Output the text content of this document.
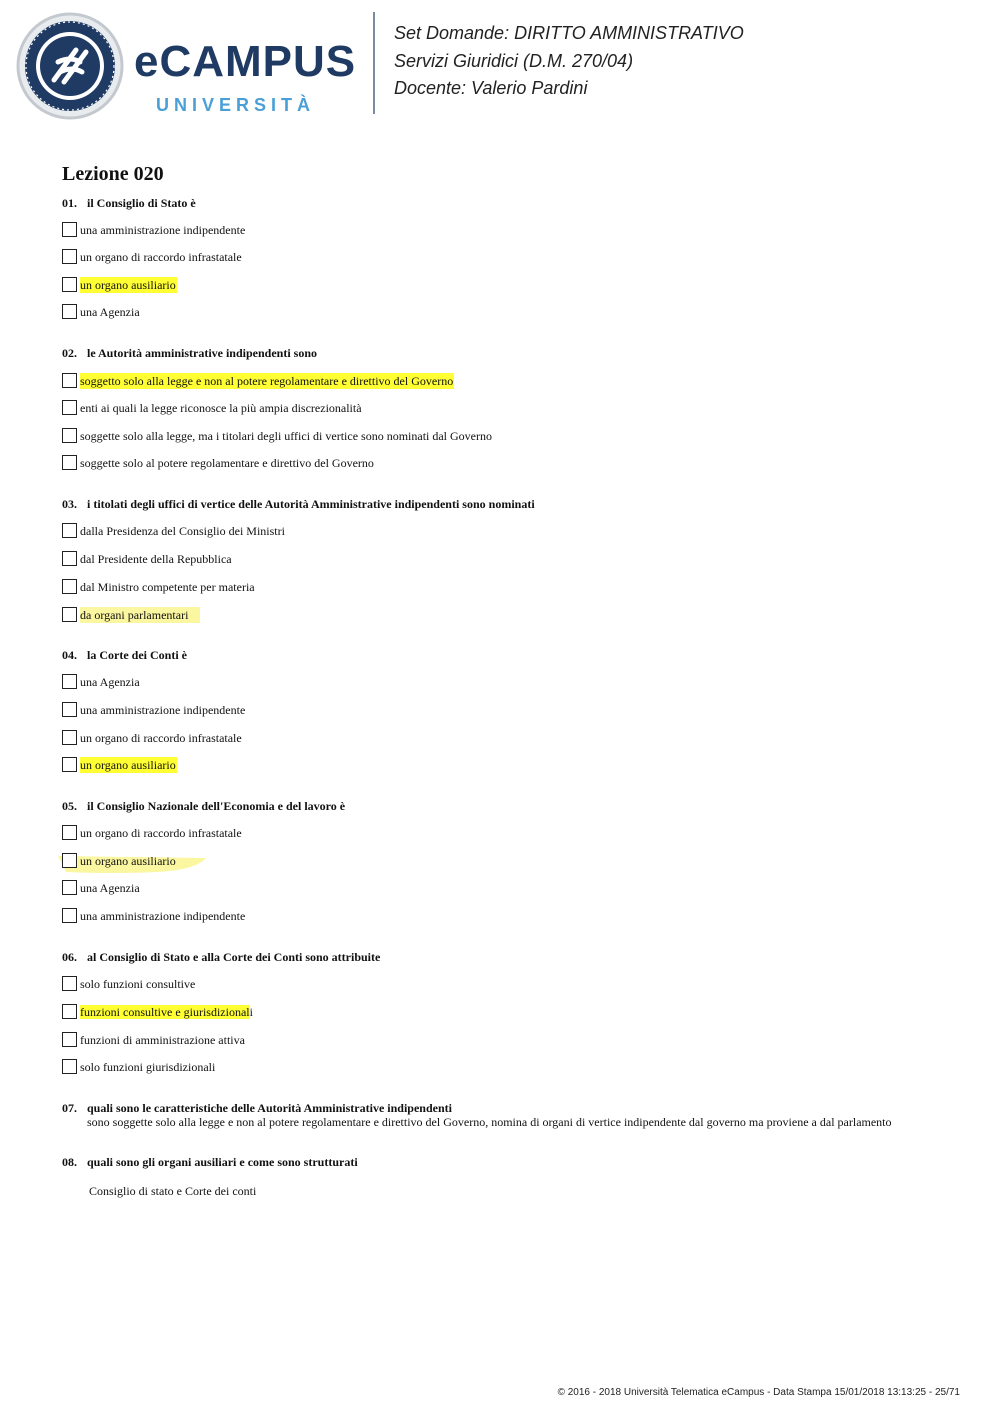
eCAMPUS
UNIVERSITÀ
Set Domande: DIRITTO AMMINISTRATIVO
Servizi Giuridici (D.M. 270/04)
Docente: Valerio Pardini
Lezione 020
01. il Consiglio di Stato è
una amministrazione indipendente
un organo di raccordo infrastatale
un organo ausiliario
una Agenzia
02. le Autorità amministrative indipendenti sono
soggetto solo alla legge e non al potere regolamentare e direttivo del Governo
enti ai quali la legge riconosce la più ampia discrezionalità
soggette solo alla legge, ma i titolari degli uffici di vertice sono nominati dal Governo
soggette solo al potere regolamentare e direttivo del Governo
03. i titolati degli uffici di vertice delle Autorità Amministrative indipendenti sono nominati
dalla Presidenza del Consiglio dei Ministri
dal Presidente della Repubblica
dal Ministro competente per materia
da organi parlamentari
04. la Corte dei Conti è
una Agenzia
una amministrazione indipendente
un organo di raccordo infrastatale
un organo ausiliario
05. il Consiglio Nazionale dell'Economia e del lavoro è
un organo di raccordo infrastatale
un organo ausiliario
una Agenzia
una amministrazione indipendente
06. al Consiglio di Stato e alla Corte dei Conti sono attribuite
solo funzioni consultive
funzioni consultive e giurisdizionali
funzioni di amministrazione attiva
solo funzioni giurisdizionali
07. quali sono le caratteristiche delle Autorità Amministrative indipendenti
sono soggette solo alla legge e non al potere regolamentare e direttivo del Governo, nomina di organi di vertice indipendente dal governo ma proviene a dal parlamento
08. quali sono gli organi ausiliari e come sono strutturati
Consiglio di stato e Corte dei conti
© 2016 - 2018 Università Telematica eCampus - Data Stampa 15/01/2018 13:13:25 - 25/71
